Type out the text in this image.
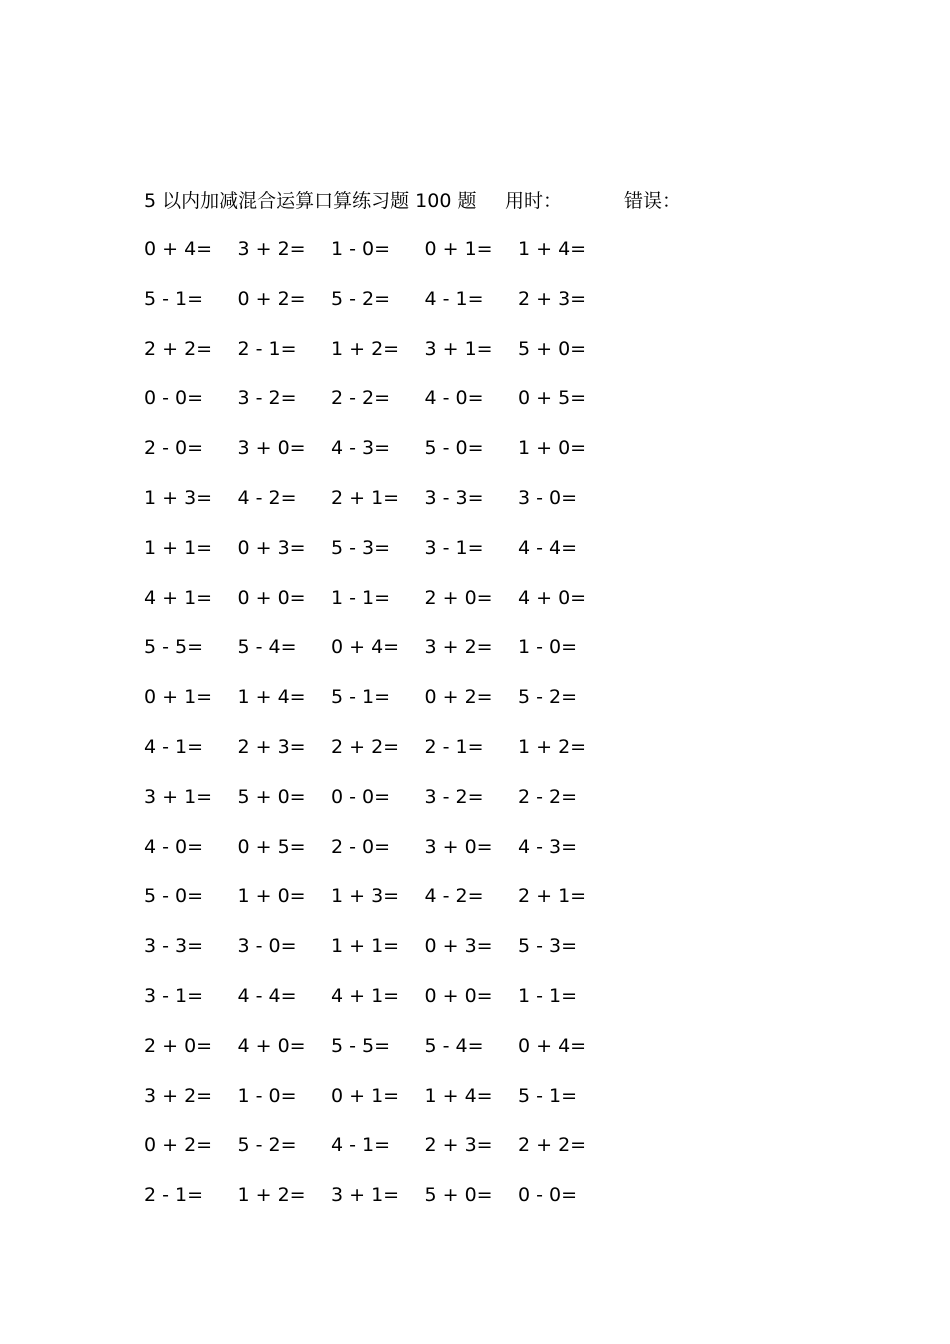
5 以内加减混合运算口算练习题 100 题 用时：	错误：
0 + 4= 3 + 2= 1 - 0= 0 + 1= 1 + 4=
5 - 1= 0 + 2= 5 - 2= 4 - 1= 2 + 3=
2 + 2= 2 - 1= 1 + 2= 3 + 1= 5 + 0=
0 - 0= 3 - 2= 2 - 2= 4 - 0= 0 + 5=
2 - 0= 3 + 0= 4 - 3= 5 - 0= 1 + 0=
1 + 3= 4 - 2= 2 + 1= 3 - 3= 3 - 0=
1 + 1= 0 + 3= 5 - 3= 3 - 1= 4 - 4=
4 + 1= 0 + 0= 1 - 1= 2 + 0= 4 + 0=
5 - 5= 5 - 4= 0 + 4= 3 + 2= 1 - 0=
0 + 1= 1 + 4= 5 - 1= 0 + 2= 5 - 2=
4 - 1= 2 + 3= 2 + 2= 2 - 1= 1 + 2=
3 + 1= 5 + 0= 0 - 0= 3 - 2= 2 - 2=
4 - 0= 0 + 5= 2 - 0= 3 + 0= 4 - 3=
5 - 0= 1 + 0= 1 + 3= 4 - 2= 2 + 1=
3 - 3= 3 - 0= 1 + 1= 0 + 3= 5 - 3=
3 - 1= 4 - 4= 4 + 1= 0 + 0= 1 - 1=
2 + 0= 4 + 0= 5 - 5= 5 - 4= 0 + 4=
3 + 2= 1 - 0= 0 + 1= 1 + 4= 5 - 1=
0 + 2= 5 - 2= 4 - 1= 2 + 3= 2 + 2=
2 - 1= 1 + 2= 3 + 1= 5 + 0= 0 - 0=
